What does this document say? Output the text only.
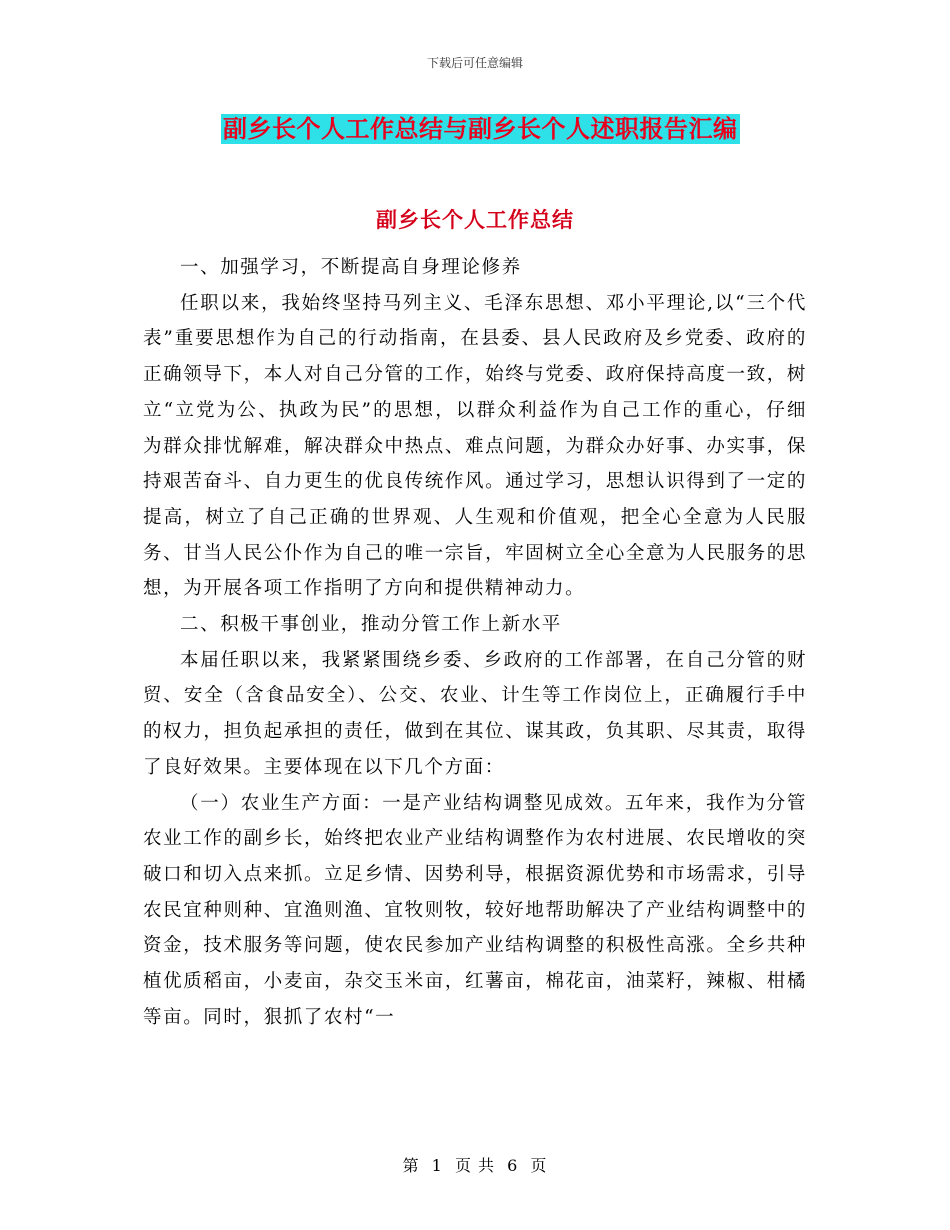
下载后可任意编辑
副乡长个人工作总结与副乡长个人述职报告汇编
副乡长个人工作总结

一、加强学习，不断提高自身理论修养

任职以来，我始终坚持马列主义、毛泽东思想、邓小平理论,以“三个代表”重要思想作为自己的行动指南，在县委、县人民政府及乡党委、政府的正确领导下，本人对自己分管的工作，始终与党委、政府保持高度一致，树立“立党为公、执政为民”的思想，以群众利益作为自己工作的重心，仔细为群众排忧解难，解决群众中热点、难点问题，为群众办好事、办实事，保持艰苦奋斗、自力更生的优良传统作风。通过学习，思想认识得到了一定的提高，树立了自己正确的世界观、人生观和价值观，把全心全意为人民服务、甘当人民公仆作为自己的唯一宗旨，牢固树立全心全意为人民服务的思想，为开展各项工作指明了方向和提供精神动力。

二、积极干事创业，推动分管工作上新水平

本届任职以来，我紧紧围绕乡委、乡政府的工作部署，在自己分管的财贸、安全（含食品安全）、公交、农业、计生等工作岗位上，正确履行手中的权力，担负起承担的责任，做到在其位、谋其政，负其职、尽其责，取得了良好效果。主要体现在以下几个方面：

（一）农业生产方面：一是产业结构调整见成效。五年来，我作为分管农业工作的副乡长，始终把农业产业结构调整作为农村进展、农民增收的突破口和切入点来抓。立足乡情、因势利导，根据资源优势和市场需求，引导农民宜种则种、宜渔则渔、宜牧则牧，较好地帮助解决了产业结构调整中的资金，技术服务等问题，使农民参加产业结构调整的积极性高涨。全乡共种植优质稻亩，小麦亩，杂交玉米亩，红薯亩，棉花亩，油菜籽，辣椒、柑橘等亩。同时，狠抓了农村“一

第 1 页 共 6 页
